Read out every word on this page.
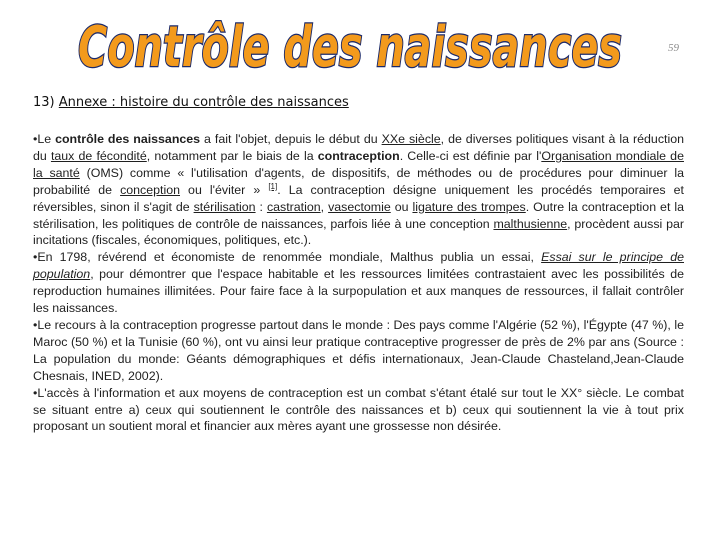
Contrôle des naissances	59
13) Annexe : histoire du contrôle des naissances

•Le contrôle des naissances a fait l'objet, depuis le début du XXe siècle, de diverses politiques visant à la réduction du taux de fécondité, notamment par le biais de la contraception. Celle-ci est définie par l'Organisation mondiale de la santé (OMS) comme « l'utilisation d'agents, de dispositifs, de méthodes ou de procédures pour diminuer la probabilité de conception ou l'éviter » [1]. La contraception désigne uniquement les procédés temporaires et réversibles, sinon il s'agit de stérilisation : castration, vasectomie ou ligature des trompes. Outre la contraception et la stérilisation, les politiques de contrôle de naissances, parfois liée à une conception malthusienne, procèdent aussi par incitations (fiscales, économiques, politiques, etc.).

•En 1798, révérend et économiste de renommée mondiale, Malthus publia un essai, Essai sur le principe de population, pour démontrer que l'espace habitable et les ressources limitées contrastaient avec les possibilités de reproduction humaines illimitées. Pour faire face à la surpopulation et aux manques de ressources, il fallait contrôler les naissances.

•Le recours à la contraception progresse partout dans le monde : Des pays comme l'Algérie (52 %), l'Égypte (47 %), le Maroc (50 %) et la Tunisie (60 %), ont vu ainsi leur pratique contraceptive progresser de près de 2% par ans (Source : La population du monde: Géants démographiques et défis internationaux, Jean-Claude Chasteland,Jean-Claude Chesnais, INED, 2002).

•L'accès à l'information et aux moyens de contraception est un combat s'étant étalé sur tout le XX° siècle. Le combat se situant entre a) ceux qui soutiennent le contrôle des naissances et b) ceux qui soutiennent la vie à tout prix proposant un soutient moral et financier aux mères ayant une grossesse non désirée.
